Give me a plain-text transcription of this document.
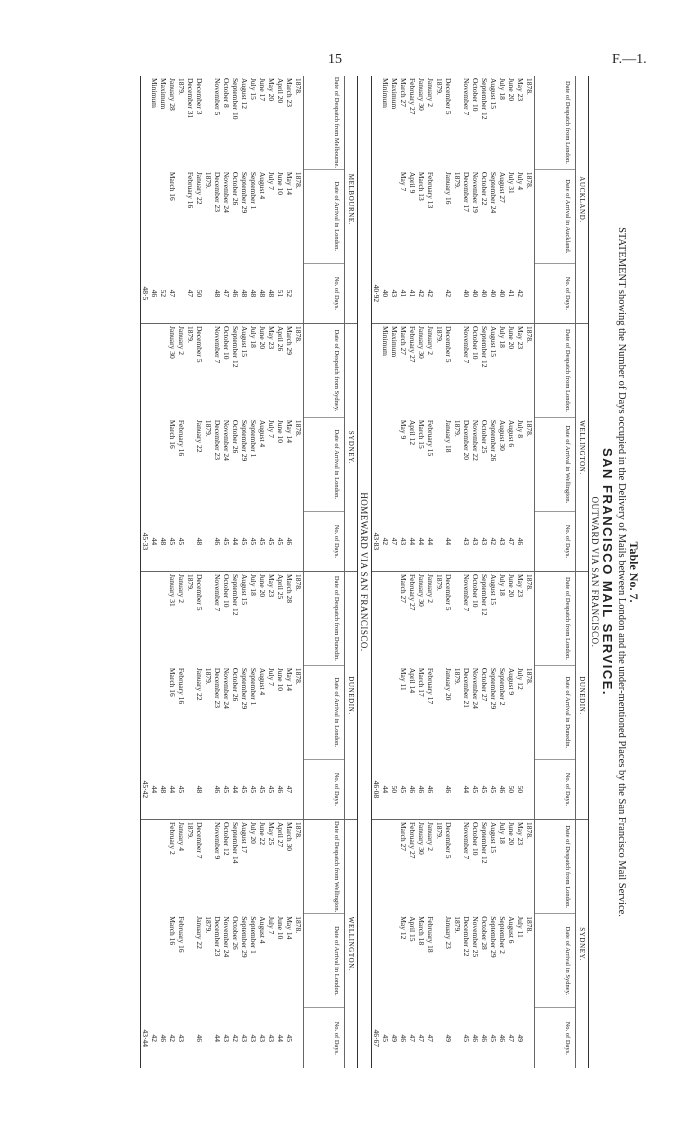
15	F.—1.
Table No. 7.
STATEMENT showing the Number of Days occupied in the Delivery of Mails between London and the under-mentioned Places by the San Francisco Mail Service.
SAN FRANCISCO MAIL SERVICE.
OUTWARD VIA SAN FRANCISCO.
AUCKLAND.
Date of Despatch from London.
Date of Arrival in Auckland.
No. of Days.
1878.
1878.
May 23
July 4
42
June 20
July 31
41
July 18
August 27
40
August 15
September 24
40
September 12
October 22
40
October 10
November 19
40
November 7
December 17
40
1879.
December 5
January 16
42
1879.
January 2
February 13
42
January 30
March 13
42
February 27
April 9
41
March 27
May 7
41
Maximum
43
Minimum
40
40·92
WELLINGTON.
Date of Despatch from London.
Date of Arrival in Wellington.
No. of Days.
1878.
1878.
May 23
July 8
46
June 20
August 6
47
July 18
August 30
43
August 15
September 26
42
September 12
October 25
43
October 10
November 22
43
November 7
December 20
43
1879.
December 5
January 18
44
1879.
January 2
February 15
44
January 30
March 15
44
February 27
April 12
44
March 27
May 9
43
Maximum
47
Minimum
42
43·83
DUNEDIN.
Date of Despatch from London.
Date of Arrival in Dunedin.
No. of Days.
1878.
1878.
May 23
July 12
50
June 20
August 9
50
July 18
September 2
46
August 15
September 29
45
September 12
October 27
45
October 10
November 24
45
November 7
December 21
44
1879.
December 5
January 20
46
1879.
January 2
February 17
46
January 30
March 17
46
February 27
April 14
46
March 27
May 11
45
50
44
46·08
SYDNEY.
Date of Despatch from London.
Date of Arrival in Sydney.
No. of Days.
1878.
1878.
May 23
July 11
49
June 20
August 6
47
July 18
September 2
46
August 15
September 29
45
September 12
October 28
46
October 10
November 25
46
November 7
December 22
45
1879.
December 5
January 23
49
1879.
January 2
February 18
47
January 30
March 18
47
February 27
April 15
47
March 27
May 12
46
49
45
46·67
HOMEWARD VIA SAN FRANCISCO.
MELBOURNE.
Date of Despatch from Melbourne.
Date of Arrival in London.
No. of Days.
1878.
1878.
March 23
May 14
52
April 20
June 10
51
May 20
July 7
48
June 17
August 4
48
July 15
September 1
48
August 12
September 29
48
September 10
October 26
46
October 8
November 24
47
November 5
December 23
48
1879.
December 3
January 22
50
December 31
February 16
47
1879.
January 28
March 16
47
Maximum
52
Minimum
46
48·5
SYDNEY.
Date of Despatch from Sydney.
Date of Arrival in London.
No. of Days.
1878.
1878.
March 29
May 14
46
April 26
June 10
45
May 23
July 7
45
June 20
August 4
45
July 18
September 1
45
August 15
September 29
45
September 12
October 26
44
October 10
November 24
45
November 7
December 23
46
1879.
December 5
January 22
48
1879.
January 2
February 16
45
January 30
March 16
45
48
44
45·33
DUNEDIN.
Date of Despatch from Dunedin.
Date of Arrival in London.
No. of Days.
1878.
1878.
March 28
May 14
47
April 25
June 10
46
May 23
July 7
45
June 20
August 4
45
July 18
September 1
45
August 15
September 29
45
September 12
October 26
44
October 10
November 24
45
November 7
December 23
46
1879.
December 5
January 22
48
1879.
January 2
February 16
45
January 31
March 16
44
48
44
45·42
WELLINGTON.
Date of Despatch from Wellington.
Date of Arrival in London.
No. of Days.
1878.
1878.
March 30
May 14
45
April 27
June 10
44
May 25
July 7
43
June 22
August 4
43
July 20
September 1
43
August 17
September 29
43
September 14
October 26
42
October 12
November 24
43
November 9
December 23
44
1879.
December 7
January 22
46
1879.
January 4
February 16
43
February 2
March 16
42
46
42
43·44
